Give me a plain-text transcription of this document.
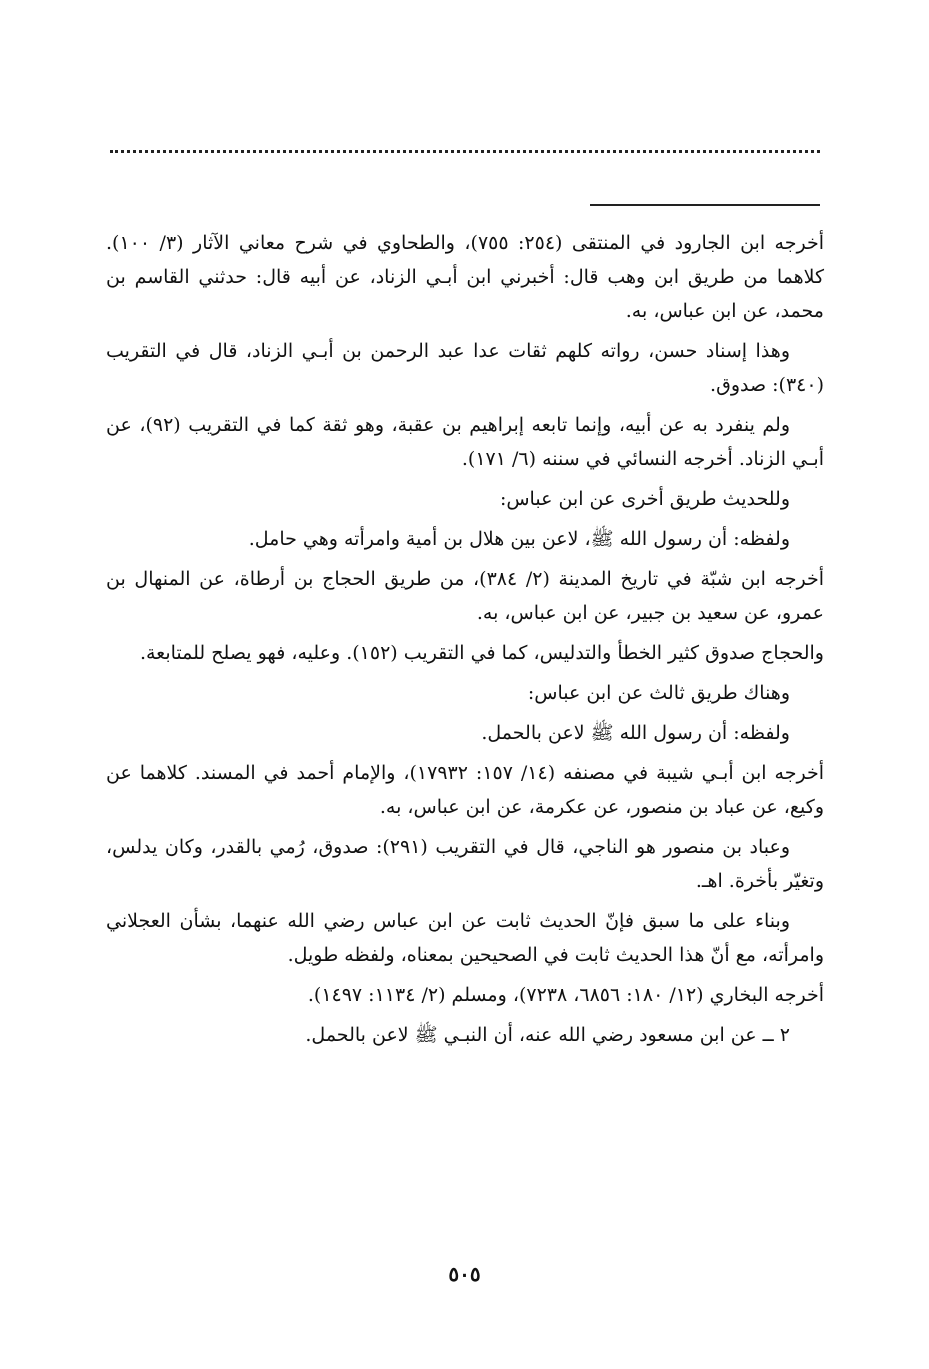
أخرجه ابن الجارود في المنتقى (٢٥٤: ٧٥٥)، والطحاوي في شرح معاني الآثار (٣/ ١٠٠). كلاهما من طريق ابن وهب قال: أخبرني ابن أبـي الزناد، عن أبيه قال: حدثني القاسم بن محمد، عن ابن عباس، به.

وهذا إسناد حسن، رواته كلهم ثقات عدا عبد الرحمن بن أبـي الزناد، قال في التقريب (٣٤٠): صدوق.

ولم ينفرد به عن أبيه، وإنما تابعه إبراهيم بن عقبة، وهو ثقة كما في التقريب (٩٢)، عن أبـي الزناد. أخرجه النسائي في سننه (٦/ ١٧١).

وللحديث طريق أخرى عن ابن عباس:

ولفظه: أن رسول الله ﷺ، لاعن بين هلال بن أمية وامرأته وهي حامل.

أخرجه ابن شبّة في تاريخ المدينة (٢/ ٣٨٤)، من طريق الحجاج بن أرطاة، عن المنهال بن عمرو، عن سعيد بن جبير، عن ابن عباس، به.

والحجاج صدوق كثير الخطأ والتدليس، كما في التقريب (١٥٢). وعليه، فهو يصلح للمتابعة.

وهناك طريق ثالث عن ابن عباس:

ولفظه: أن رسول الله ﷺ لاعن بالحمل.

أخرجه ابن أبـي شيبة في مصنفه (١٤/ ١٥٧: ١٧٩٣٢)، والإمام أحمد في المسند. كلاهما عن وكيع، عن عباد بن منصور، عن عكرمة، عن ابن عباس، به.

وعباد بن منصور هو الناجي، قال في التقريب (٢٩١): صدوق، رُمي بالقدر، وكان يدلس، وتغيّر بأخرة. اهـ.

وبناء على ما سبق فإنّ الحديث ثابت عن ابن عباس رضي الله عنهما، بشأن العجلاني وامرأته، مع أنّ هذا الحديث ثابت في الصحيحين بمعناه، ولفظه طويل.

أخرجه البخاري (١٢/ ١٨٠: ٦٨٥٦، ٧٢٣٨)، ومسلم (٢/ ١١٣٤: ١٤٩٧).

٢ ــ عن ابن مسعود رضي الله عنه، أن النبـي ﷺ لاعن بالحمل.

٥٠٥
